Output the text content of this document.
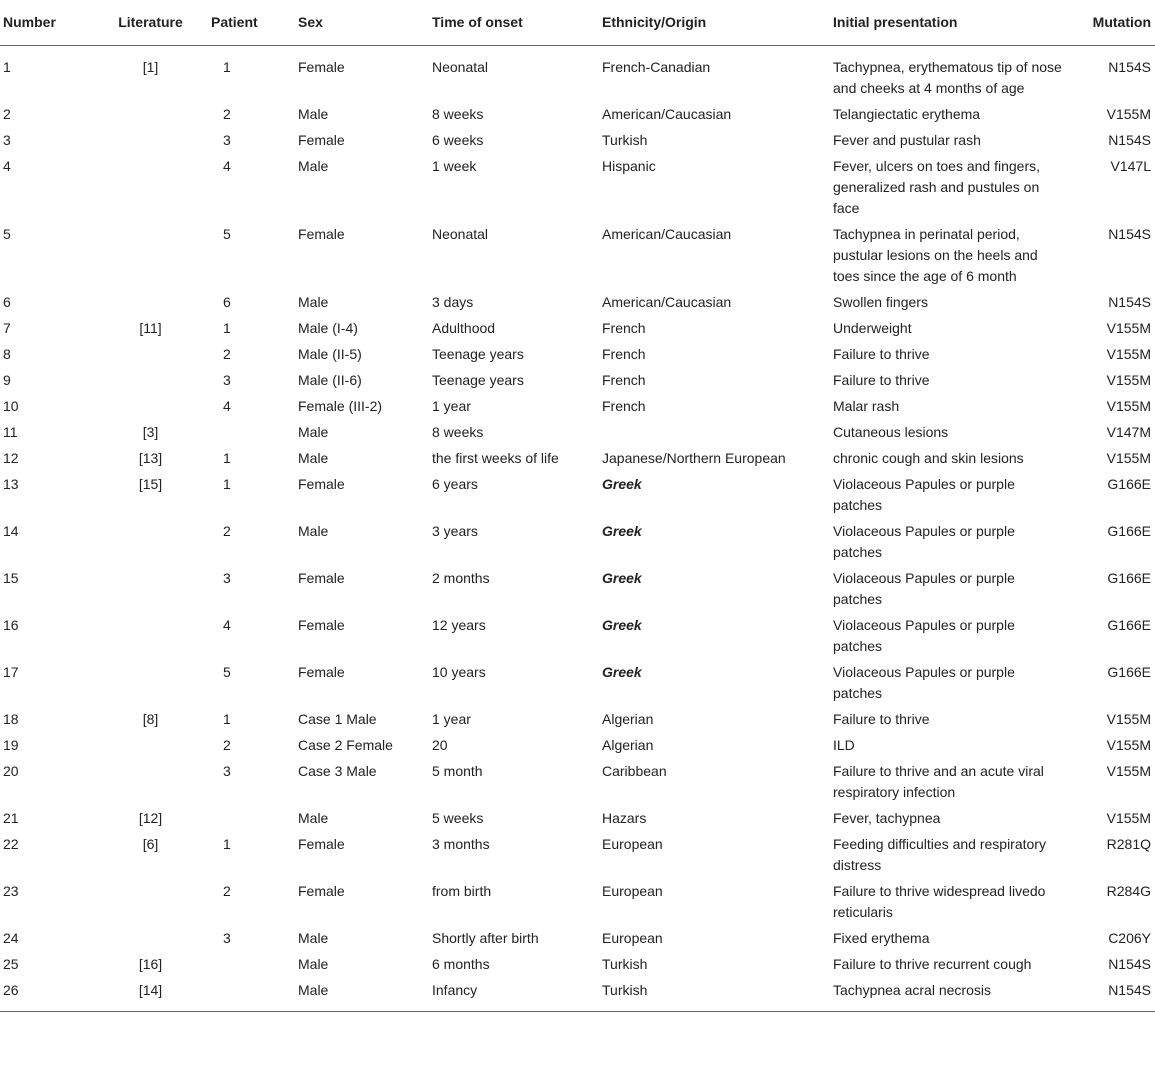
Number	Literature	Patient	Sex	Time of onset	Ethnicity/Origin	Initial presentation	Mutation
1	[1]	1	Female	Neonatal	French-Canadian	Tachypnea, erythematous tip of nose and cheeks at 4 months of age	N154S
2		2	Male	8 weeks	American/Caucasian	Telangiectatic erythema	V155M
3		3	Female	6 weeks	Turkish	Fever and pustular rash	N154S
4		4	Male	1 week	Hispanic	Fever, ulcers on toes and fingers, generalized rash and pustules on face	V147L
5		5	Female	Neonatal	American/Caucasian	Tachypnea in perinatal period, pustular lesions on the heels and toes since the age of 6 month	N154S
6		6	Male	3 days	American/Caucasian	Swollen fingers	N154S
7	[11]	1	Male (I-4)	Adulthood	French	Underweight	V155M
8		2	Male (II-5)	Teenage years	French	Failure to thrive	V155M
9		3	Male (II-6)	Teenage years	French	Failure to thrive	V155M
10		4	Female (III-2)	1 year	French	Malar rash	V155M
11	[3]		Male	8 weeks		Cutaneous lesions	V147M
12	[13]	1	Male	the first weeks of life	Japanese/Northern European	chronic cough and skin lesions	V155M
13	[15]	1	Female	6 years	Greek	Violaceous Papules or purple patches	G166E
14		2	Male	3 years	Greek	Violaceous Papules or purple patches	G166E
15		3	Female	2 months	Greek	Violaceous Papules or purple patches	G166E
16		4	Female	12 years	Greek	Violaceous Papules or purple patches	G166E
17		5	Female	10 years	Greek	Violaceous Papules or purple patches	G166E
18	[8]	1	Case 1 Male	1 year	Algerian	Failure to thrive	V155M
19		2	Case 2 Female	20	Algerian	ILD	V155M
20		3	Case 3 Male	5 month	Caribbean	Failure to thrive and an acute viral respiratory infection	V155M
21	[12]		Male	5 weeks	Hazars	Fever, tachypnea	V155M
22	[6]	1	Female	3 months	European	Feeding difficulties and respiratory distress	R281Q
23		2	Female	from birth	European	Failure to thrive widespread livedo reticularis	R284G
24		3	Male	Shortly after birth	European	Fixed erythema	C206Y
25	[16]		Male	6 months	Turkish	Failure to thrive recurrent cough	N154S
26	[14]		Male	Infancy	Turkish	Tachypnea acral necrosis	N154S
